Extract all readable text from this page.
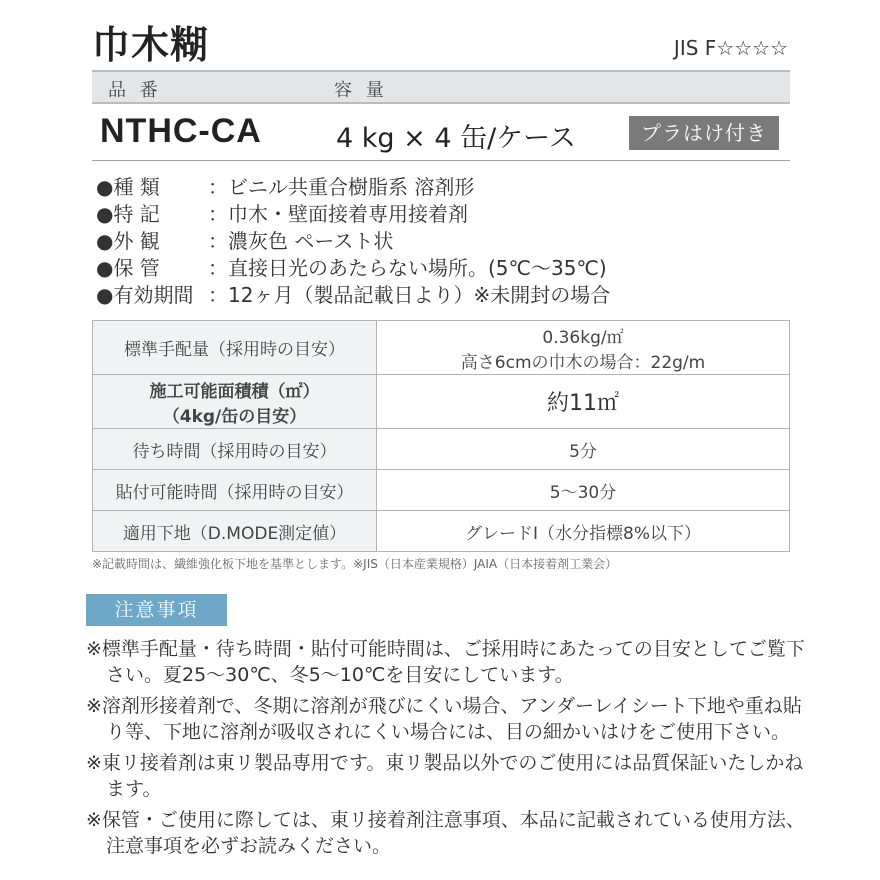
巾木糊	JIS F☆☆☆☆
品 番	容 量
NTHC-CA	4 kg × 4 缶/ケース	プラはけ付き
●種 類 ：ビニル共重合樹脂系 溶剤形
●特 記 ：巾木・壁面接着専用接着剤
●外 観 ：濃灰色 ペースト状
●保 管 ：直接日光のあたらない場所。(5℃〜35℃)
●有効期間 ：12ヶ月（製品記載日より）※未開封の場合
標準手配量（採用時の目安）	0.36kg/㎡
高さ6cmの巾木の場合：22g/m

施工可能面積積（㎡）
（4kg/缶の目安）	約11㎡
待ち時間（採用時の目安）	5分
貼付可能時間（採用時の目安）	5〜30分
適用下地（D.MODE測定値）	グレードⅠ（水分指標8%以下）
※記載時間は、繊維強化板下地を基準とします。※JIS（日本産業規格）JAIA（日本接着剤工業会）
注意事項
※標準手配量・待ち時間・貼付可能時間は、ご採用時にあたっての目安としてご覧下さい。夏25〜30℃、冬5〜10℃を目安にしています。
※溶剤形接着剤で、冬期に溶剤が飛びにくい場合、アンダーレイシート下地や重ね貼り等、下地に溶剤が吸収されにくい場合には、目の細かいはけをご使用下さい。
※東リ接着剤は東リ製品専用です。東リ製品以外でのご使用には品質保証いたしかねます。
※保管・ご使用に際しては、東リ接着剤注意事項、本品に記載されている使用方法、注意事項を必ずお読みください。
